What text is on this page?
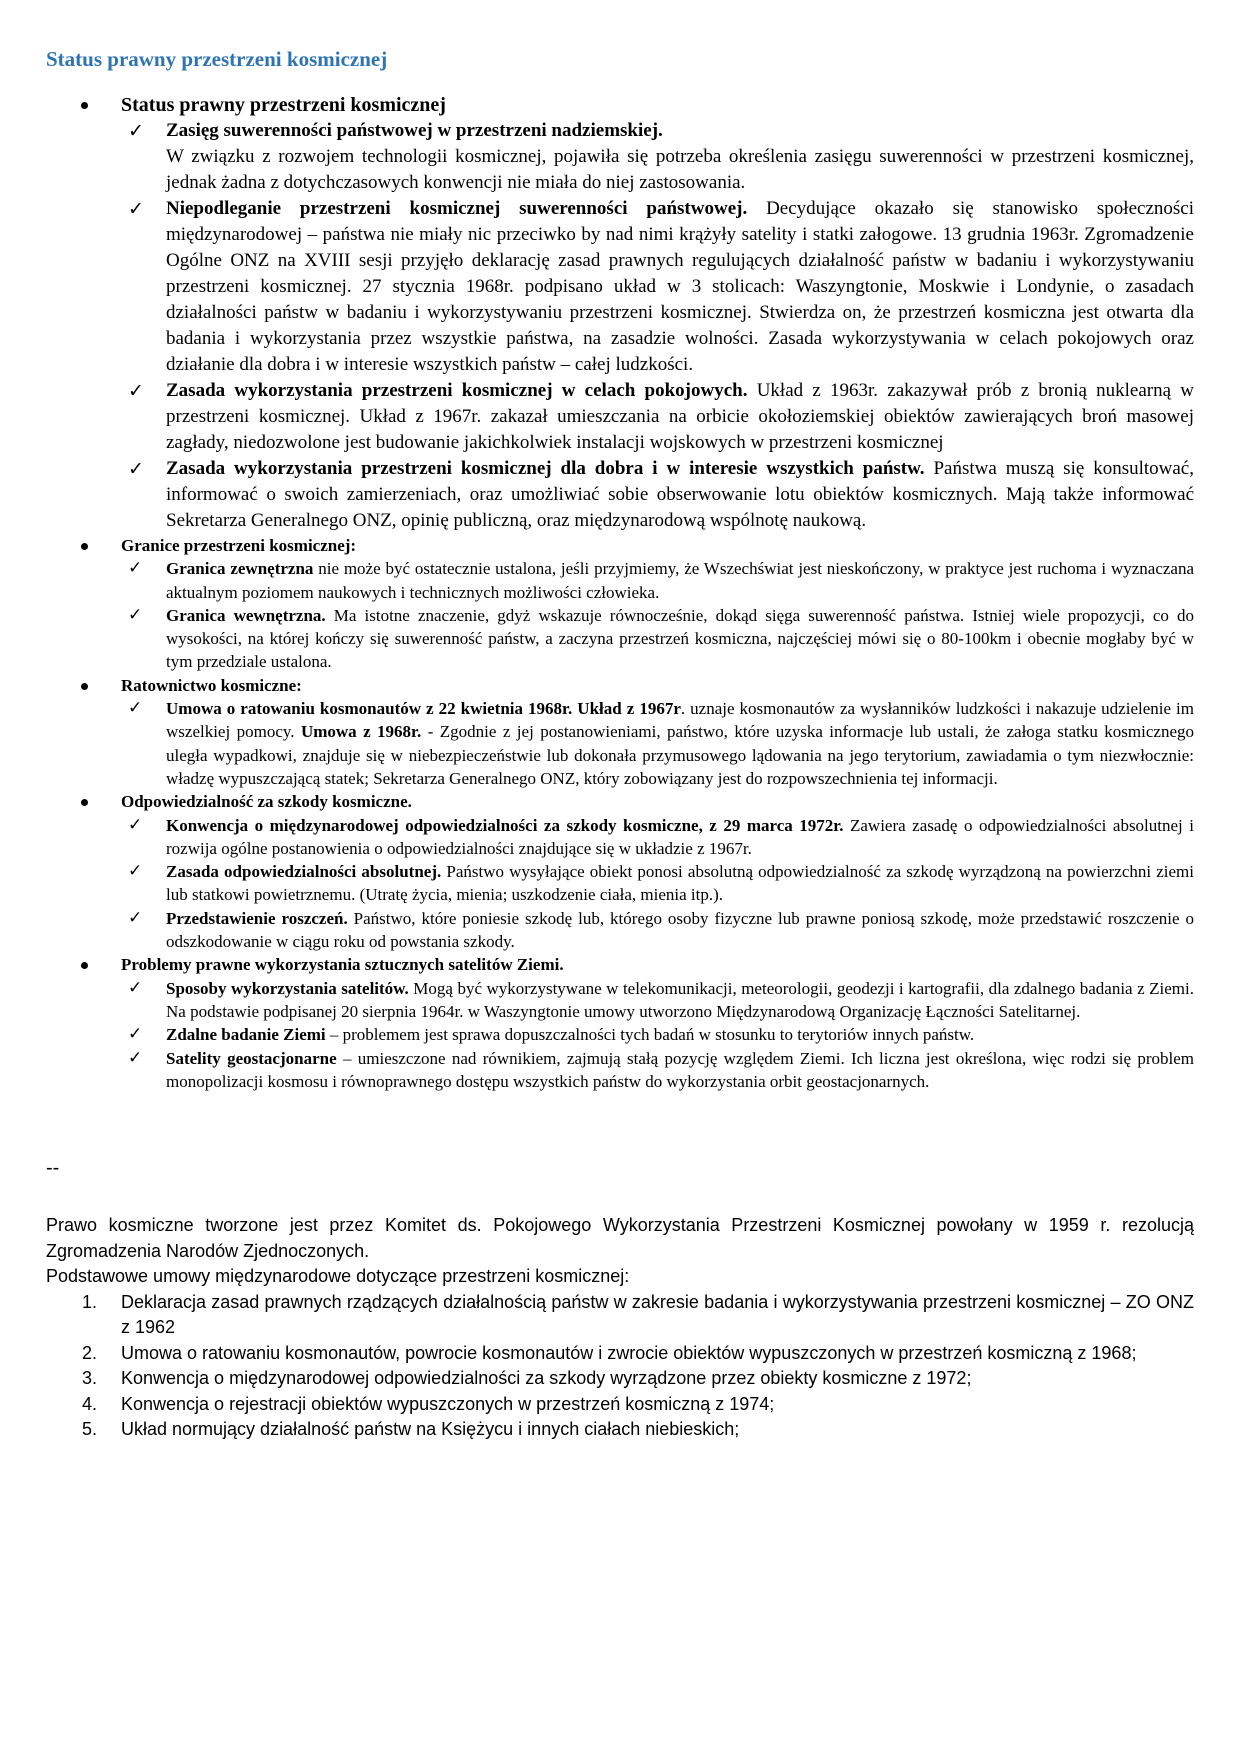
Status prawny przestrzeni kosmicznej
Status prawny przestrzeni kosmicznej
✓ Zasięg suwerenności państwowej w przestrzeni nadziemskiej.
W związku z rozwojem technologii kosmicznej, pojawiła się potrzeba określenia zasięgu suwerenności w przestrzeni kosmicznej, jednak żadna z dotychczasowych konwencji nie miała do niej zastosowania.
✓ Niepodleganie przestrzeni kosmicznej suwerenności państwowej. Decydujące okazało się stanowisko społeczności międzynarodowej – państwa nie miały nic przeciwko by nad nimi krążyły satelity i statki załogowe. 13 grudnia 1963r. Zgromadzenie Ogólne ONZ na XVIII sesji przyjęło deklarację zasad prawnych regulujących działalność państw w badaniu i wykorzystywaniu przestrzeni kosmicznej. 27 stycznia 1968r. podpisano układ w 3 stolicach: Waszyngtonie, Moskwie i Londynie, o zasadach działalności państw w badaniu i wykorzystywaniu przestrzeni kosmicznej. Stwierdza on, że przestrzeń kosmiczna jest otwarta dla badania i wykorzystania przez wszystkie państwa, na zasadzie wolności. Zasada wykorzystywania w celach pokojowych oraz działanie dla dobra i w interesie wszystkich państw – całej ludzkości.
✓ Zasada wykorzystania przestrzeni kosmicznej w celach pokojowych. Układ z 1963r. zakazywał prób z bronią nuklearną w przestrzeni kosmicznej. Układ z 1967r. zakazał umieszczania na orbicie okołoziemskiej obiektów zawierających broń masowej zagłady, niedozwolone jest budowanie jakichkolwiek instalacji wojskowych w przestrzeni kosmicznej
✓ Zasada wykorzystania przestrzeni kosmicznej dla dobra i w interesie wszystkich państw. Państwa muszą się konsultować, informować o swoich zamierzeniach, oraz umożliwiać sobie obserwowanie lotu obiektów kosmicznych. Mają także informować Sekretarza Generalnego ONZ, opinię publiczną, oraz międzynarodową wspólnotę naukową.
Granice przestrzeni kosmicznej:
✓ Granica zewnętrzna nie może być ostatecznie ustalona, jeśli przyjmiemy, że Wszechświat jest nieskończony, w praktyce jest ruchoma i wyznaczana aktualnym poziomem naukowych i technicznych możliwości człowieka.
✓ Granica wewnętrzna. Ma istotne znaczenie, gdyż wskazuje równocześnie, dokąd sięga suwerenność państwa. Istniej wiele propozycji, co do wysokości, na której kończy się suwerenność państw, a zaczyna przestrzeń kosmiczna, najczęściej mówi się o 80-100km i obecnie mogłaby być w tym przedziale ustalona.
Ratownictwo kosmiczne:
✓ Umowa o ratowaniu kosmonautów z 22 kwietnia 1968r. Układ z 1967r. uznaje kosmonautów za wysłanników ludzkości i nakazuje udzielenie im wszelkiej pomocy. Umowa z 1968r. - Zgodnie z jej postanowieniami, państwo, które uzyska informacje lub ustali, że załoga statku kosmicznego uległa wypadkowi, znajduje się w niebezpieczeństwie lub dokonała przymusowego lądowania na jego terytorium, zawiadamia o tym niezwłocznie: władzę wypuszczającą statek; Sekretarza Generalnego ONZ, który zobowiązany jest do rozpowszechnienia tej informacji.
Odpowiedzialność za szkody kosmiczne.
✓ Konwencja o międzynarodowej odpowiedzialności za szkody kosmiczne, z 29 marca 1972r. Zawiera zasadę o odpowiedzialności absolutnej i rozwija ogólne postanowienia o odpowiedzialności znajdujące się w układzie z 1967r.
✓ Zasada odpowiedzialności absolutnej. Państwo wysyłające obiekt ponosi absolutną odpowiedzialność za szkodę wyrządzoną na powierzchni ziemi lub statkowi powietrznemu. (Utratę życia, mienia; uszkodzenie ciała, mienia itp.).
✓ Przedstawienie roszczeń. Państwo, które poniesie szkodę lub, którego osoby fizyczne lub prawne poniosą szkodę, może przedstawić roszczenie o odszkodowanie w ciągu roku od powstania szkody.
Problemy prawne wykorzystania sztucznych satelitów Ziemi.
✓ Sposoby wykorzystania satelitów. Mogą być wykorzystywane w telekomunikacji, meteorologii, geodezji i kartografii, dla zdalnego badania z Ziemi. Na podstawie podpisanej 20 sierpnia 1964r. w Waszyngtonie umowy utworzono Międzynarodową Organizację Łączności Satelitarnej.
✓ Zdalne badanie Ziemi – problemem jest sprawa dopuszczalności tych badań w stosunku to terytoriów innych państw.
✓ Satelity geostacjonarne – umieszczone nad równikiem, zajmują stałą pozycję względem Ziemi. Ich liczna jest określona, więc rodzi się problem monopolizacji kosmosu i równoprawnego dostępu wszystkich państw do wykorzystania orbit geostacjonarnych.
--

Prawo kosmiczne tworzone jest przez Komitet ds. Pokojowego Wykorzystania Przestrzeni Kosmicznej powołany w 1959 r. rezolucją Zgromadzenia Narodów Zjednoczonych.

Podstawowe umowy międzynarodowe dotyczące przestrzeni kosmicznej:

1. Deklaracja zasad prawnych rządzących działalnością państw w zakresie badania i wykorzystywania przestrzeni kosmicznej – ZO ONZ z 1962
2. Umowa o ratowaniu kosmonautów, powrocie kosmonautów i zwrocie obiektów wypuszczonych w przestrzeń kosmiczną z 1968;
3. Konwencja o międzynarodowej odpowiedzialności za szkody wyrządzone przez obiekty kosmiczne z 1972;
4. Konwencja o rejestracji obiektów wypuszczonych w przestrzeń kosmiczną z 1974;
5. Układ normujący działalność państw na Księżycu i innych ciałach niebieskich;
